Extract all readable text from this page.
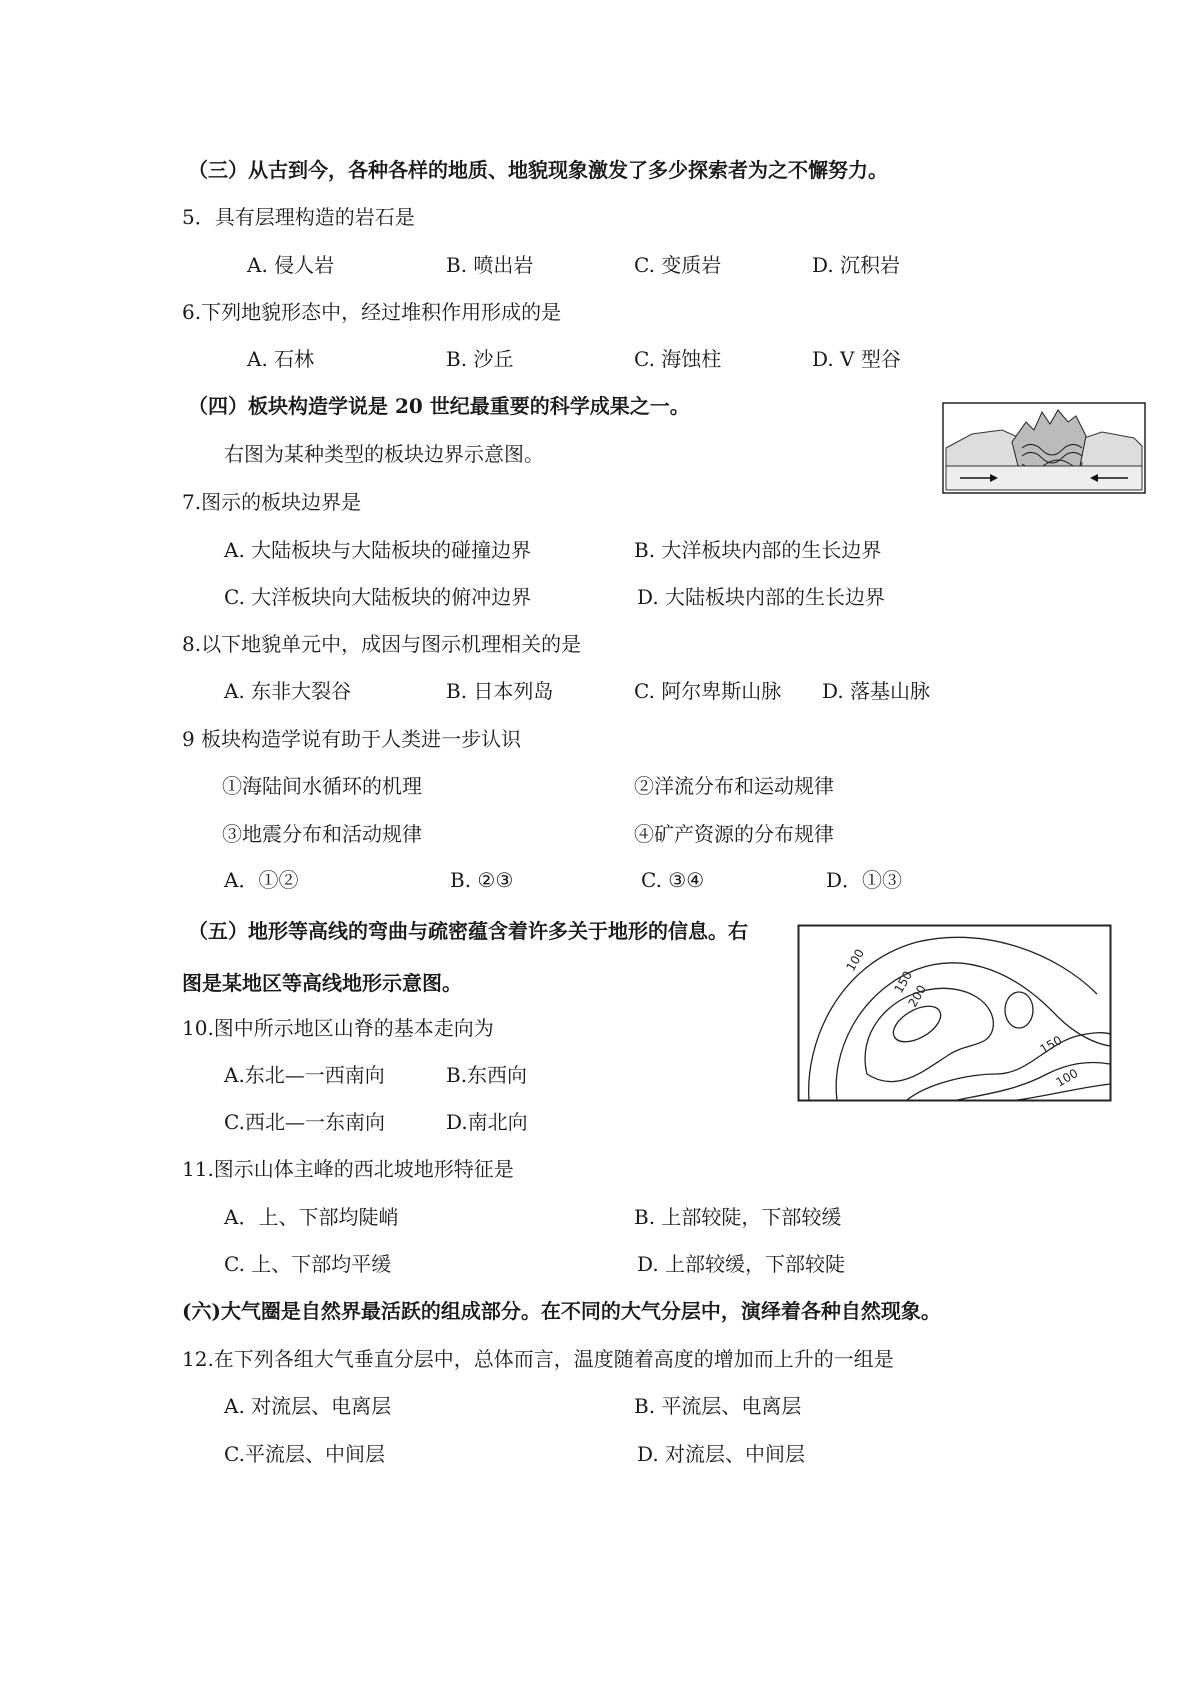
（三）从古到今，各种各样的地质、地貌现象激发了多少探索者为之不懈努力。
5．具有层理构造的岩石是
A. 侵人岩	B. 喷出岩	C. 变质岩	D. 沉积岩
6.下列地貌形态中，经过堆积作用形成的是
A. 石林	B. 沙丘	C. 海蚀柱	D. V 型谷
（四）板块构造学说是 20 世纪最重要的科学成果之一。
右图为某种类型的板块边界示意图。
7.图示的板块边界是
A. 大陆板块与大陆板块的碰撞边界	B. 大洋板块内部的生长边界
C. 大洋板块向大陆板块的俯冲边界	D. 大陆板块内部的生长边界
8.以下地貌单元中，成因与图示机理相关的是
A. 东非大裂谷	B. 日本列岛	C. 阿尔卑斯山脉 D. 落基山脉
9 板块构造学说有助于人类进一步认识
①海陆间水循环的机理	②洋流分布和运动规律
③地震分布和活动规律	④矿产资源的分布规律
A．①②	B. ②③	C. ③④	D．①③
（五）地形等高线的弯曲与疏密蕴含着许多关于地形的信息。右
图是某地区等高线地形示意图。
100
150
200
150
100
10.图中所示地区山脊的基本走向为
A.东北—一西南向	B.东西向
C.西北—一东南向	D.南北向
11.图示山体主峰的西北坡地形特征是
A．上、下部均陡峭	B. 上部较陡，下部较缓
C. 上、下部均平缓	D. 上部较缓，下部较陡
(六)大气圈是自然界最活跃的组成部分。在不同的大气分层中，演绎着各种自然现象。
12.在下列各组大气垂直分层中，总体而言，温度随着高度的增加而上升的一组是
A. 对流层、电离层	B. 平流层、电离层
C.平流层、中间层	D. 对流层、中间层
